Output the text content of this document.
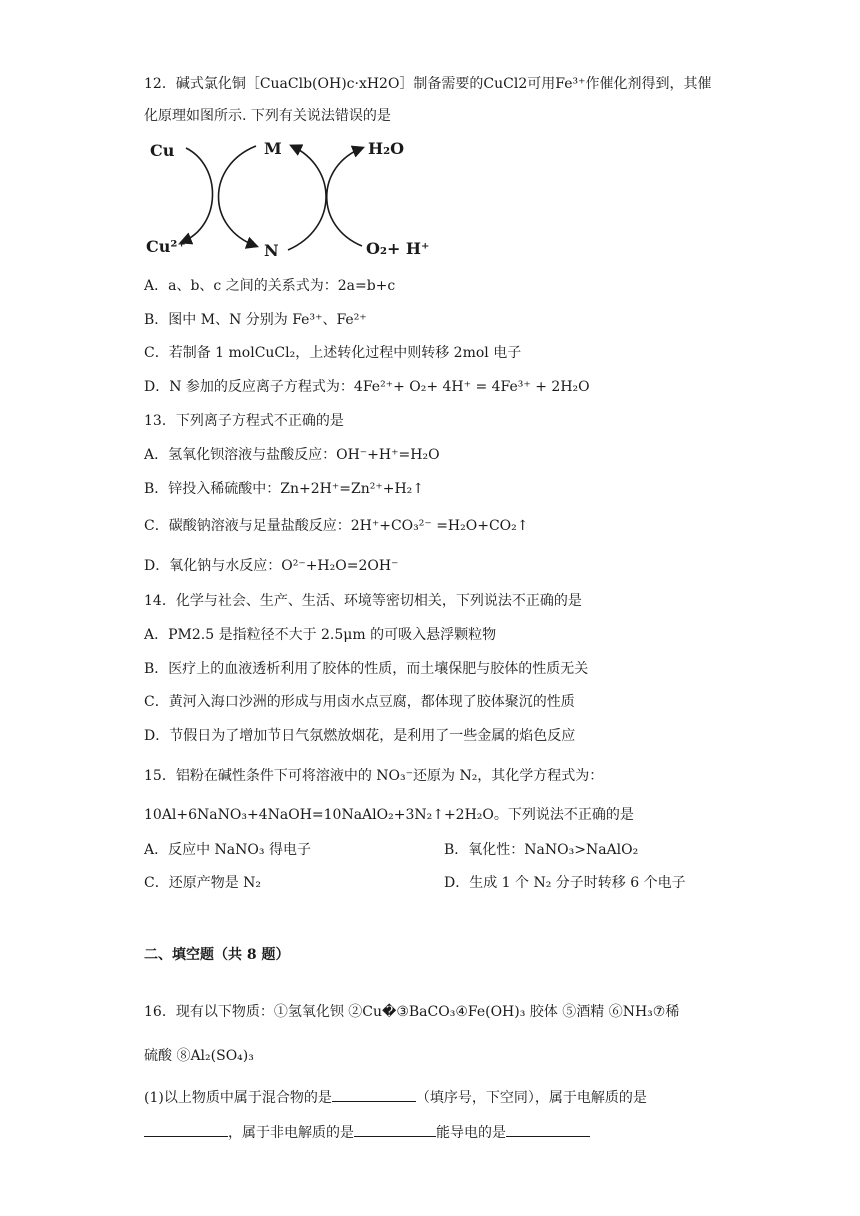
12．碱式氯化铜［CuaClb(OH)c·xH2O］制备需要的CuCl2可用Fe³⁺作催化剂得到，其催
化原理如图所示. 下列有关说法错误的是
Cu
Cu²⁺
M
N
H₂O
O₂+ H⁺
A．a、b、c 之间的关系式为：2a=b+c
B．图中 M、N 分别为 Fe³⁺、Fe²⁺
C．若制备 1 molCuCl₂，上述转化过程中则转移 2mol 电子
D．N 参加的反应离子方程式为：4Fe²⁺+ O₂+ 4H⁺ = 4Fe³⁺ + 2H₂O
13．下列离子方程式不正确的是
A．氢氧化钡溶液与盐酸反应：OH⁻+H⁺=H₂O
B．锌投入稀硫酸中：Zn+2H⁺=Zn²⁺+H₂↑
C．碳酸钠溶液与足量盐酸反应：2H⁺+CO₃²⁻ =H₂O+CO₂↑
D．氧化钠与水反应：O²⁻+H₂O=2OH⁻
14．化学与社会、生产、生活、环境等密切相关，下列说法不正确的是
A．PM2.5 是指粒径不大于 2.5μm 的可吸入悬浮颗粒物
B．医疗上的血液透析利用了胶体的性质，而土壤保肥与胶体的性质无关
C．黄河入海口沙洲的形成与用卤水点豆腐，都体现了胶体聚沉的性质
D．节假日为了增加节日气氛燃放烟花，是利用了一些金属的焰色反应
15．铝粉在碱性条件下可将溶液中的 NO₃⁻还原为 N₂，其化学方程式为：
10Al+6NaNO₃+4NaOH=10NaAlO₂+3N₂↑+2H₂O。下列说法不正确的是
A．反应中 NaNO₃ 得电子	B．氧化性：NaNO₃>NaAlO₂
C．还原产物是 N₂	D．生成 1 个 N₂ 分子时转移 6 个电子
二、填空题（共 8 题）
16．现有以下物质：①氢氧化钡 ②Cu�③BaCO₃④Fe(OH)₃ 胶体 ⑤酒精 ⑥NH₃⑦稀
硫酸 ⑧Al₂(SO₄)₃
(1)以上物质中属于混合物的是	（填序号，下空同），属于电解质的是
，属于非电解质的是	能导电的是
